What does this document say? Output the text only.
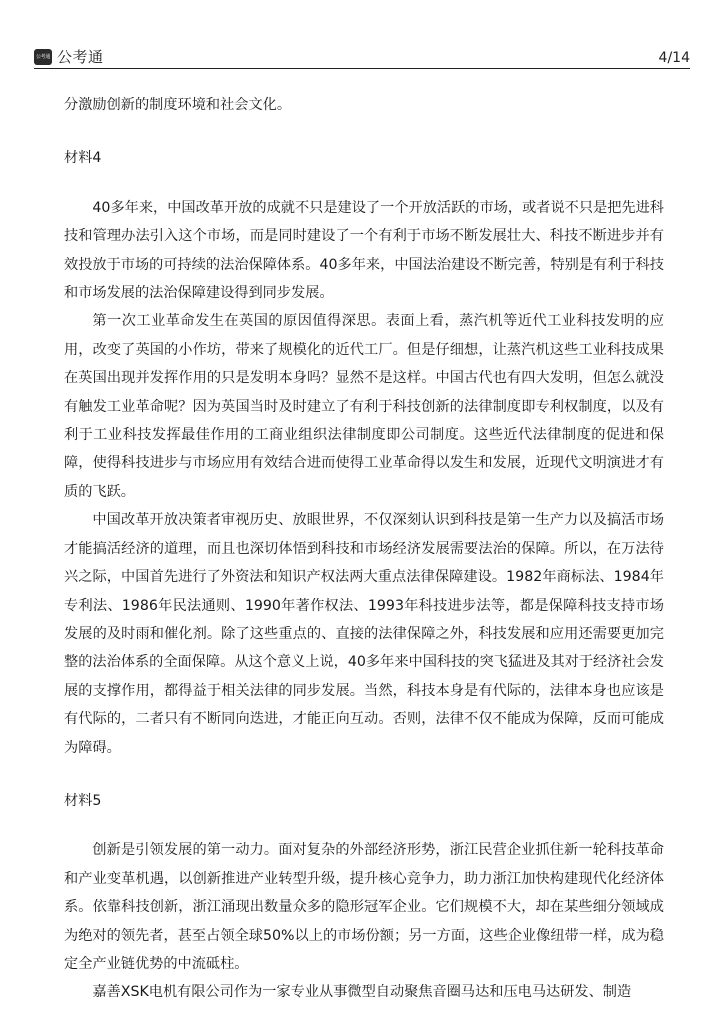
公考通 公考通	4/14

分激励创新的制度环境和社会文化。

材料4

40多年来，中国改革开放的成就不只是建设了一个开放活跃的市场，或者说不只是把先进科技和管理办法引入这个市场，而是同时建设了一个有利于市场不断发展壮大、科技不断进步并有效投放于市场的可持续的法治保障体系。40多年来，中国法治建设不断完善，特别是有利于科技和市场发展的法治保障建设得到同步发展。

第一次工业革命发生在英国的原因值得深思。表面上看，蒸汽机等近代工业科技发明的应用，改变了英国的小作坊，带来了规模化的近代工厂。但是仔细想，让蒸汽机这些工业科技成果在英国出现并发挥作用的只是发明本身吗？显然不是这样。中国古代也有四大发明，但怎么就没有触发工业革命呢？因为英国当时及时建立了有利于科技创新的法律制度即专利权制度，以及有利于工业科技发挥最佳作用的工商业组织法律制度即公司制度。这些近代法律制度的促进和保障，使得科技进步与市场应用有效结合进而使得工业革命得以发生和发展，近现代文明演进才有质的飞跃。

中国改革开放决策者审视历史、放眼世界，不仅深刻认识到科技是第一生产力以及搞活市场才能搞活经济的道理，而且也深切体悟到科技和市场经济发展需要法治的保障。所以，在万法待兴之际，中国首先进行了外资法和知识产权法两大重点法律保障建设。1982年商标法、1984年专利法、1986年民法通则、1990年著作权法、1993年科技进步法等，都是保障科技支持市场发展的及时雨和催化剂。除了这些重点的、直接的法律保障之外，科技发展和应用还需要更加完整的法治体系的全面保障。从这个意义上说，40多年来中国科技的突飞猛进及其对于经济社会发展的支撑作用，都得益于相关法律的同步发展。当然，科技本身是有代际的，法律本身也应该是有代际的，二者只有不断同向迭进，才能正向互动。否则，法律不仅不能成为保障，反而可能成为障碍。

材料5

创新是引领发展的第一动力。面对复杂的外部经济形势，浙江民营企业抓住新一轮科技革命和产业变革机遇，以创新推进产业转型升级，提升核心竞争力，助力浙江加快构建现代化经济体系。依靠科技创新，浙江涌现出数量众多的隐形冠军企业。它们规模不大，却在某些细分领域成为绝对的领先者，甚至占领全球50%以上的市场份额；另一方面，这些企业像纽带一样，成为稳定全产业链优势的中流砥柱。

嘉善XSK电机有限公司作为一家专业从事微型自动聚焦音圈马达和压电马达研发、制造
